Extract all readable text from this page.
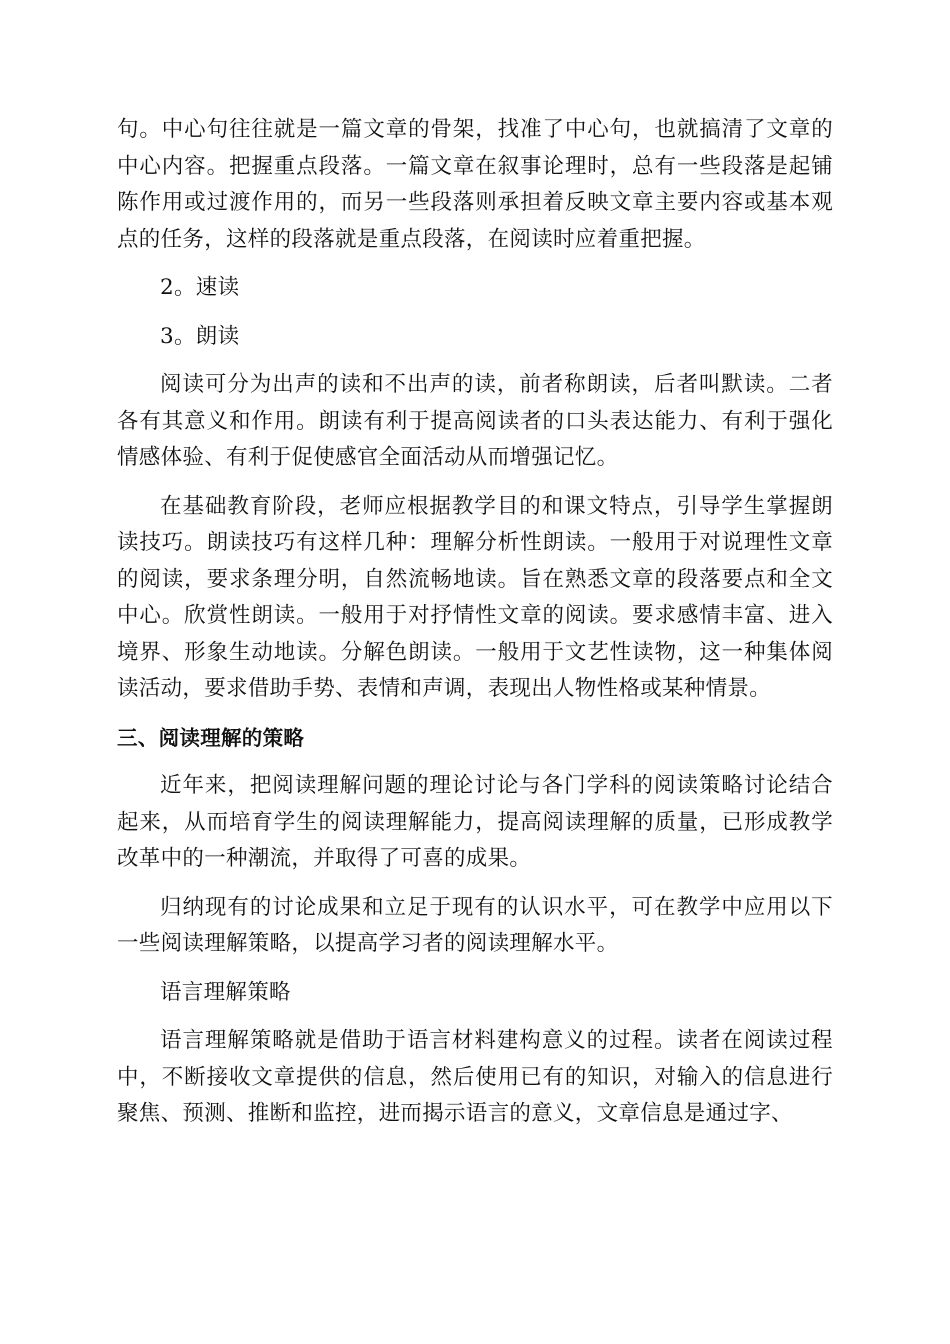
句。中心句往往就是一篇文章的骨架，找准了中心句，也就搞清了文章的中心内容。把握重点段落。一篇文章在叙事论理时，总有一些段落是起铺陈作用或过渡作用的，而另一些段落则承担着反映文章主要内容或基本观点的任务，这样的段落就是重点段落，在阅读时应着重把握。

2。速读

3。朗读

阅读可分为出声的读和不出声的读，前者称朗读，后者叫默读。二者各有其意义和作用。朗读有利于提高阅读者的口头表达能力、有利于强化情感体验、有利于促使感官全面活动从而增强记忆。

在基础教育阶段，老师应根据教学目的和课文特点，引导学生掌握朗读技巧。朗读技巧有这样几种：理解分析性朗读。一般用于对说理性文章的阅读，要求条理分明，自然流畅地读。旨在熟悉文章的段落要点和全文中心。欣赏性朗读。一般用于对抒情性文章的阅读。要求感情丰富、进入境界、形象生动地读。分解色朗读。一般用于文艺性读物，这一种集体阅读活动，要求借助手势、表情和声调，表现出人物性格或某种情景。

三、阅读理解的策略

近年来，把阅读理解问题的理论讨论与各门学科的阅读策略讨论结合起来，从而培育学生的阅读理解能力，提高阅读理解的质量，已形成教学改革中的一种潮流，并取得了可喜的成果。

归纳现有的讨论成果和立足于现有的认识水平，可在教学中应用以下一些阅读理解策略，以提高学习者的阅读理解水平。

语言理解策略

语言理解策略就是借助于语言材料建构意义的过程。读者在阅读过程中，不断接收文章提供的信息，然后使用已有的知识，对输入的信息进行聚焦、预测、推断和监控，进而揭示语言的意义，文章信息是通过字、
